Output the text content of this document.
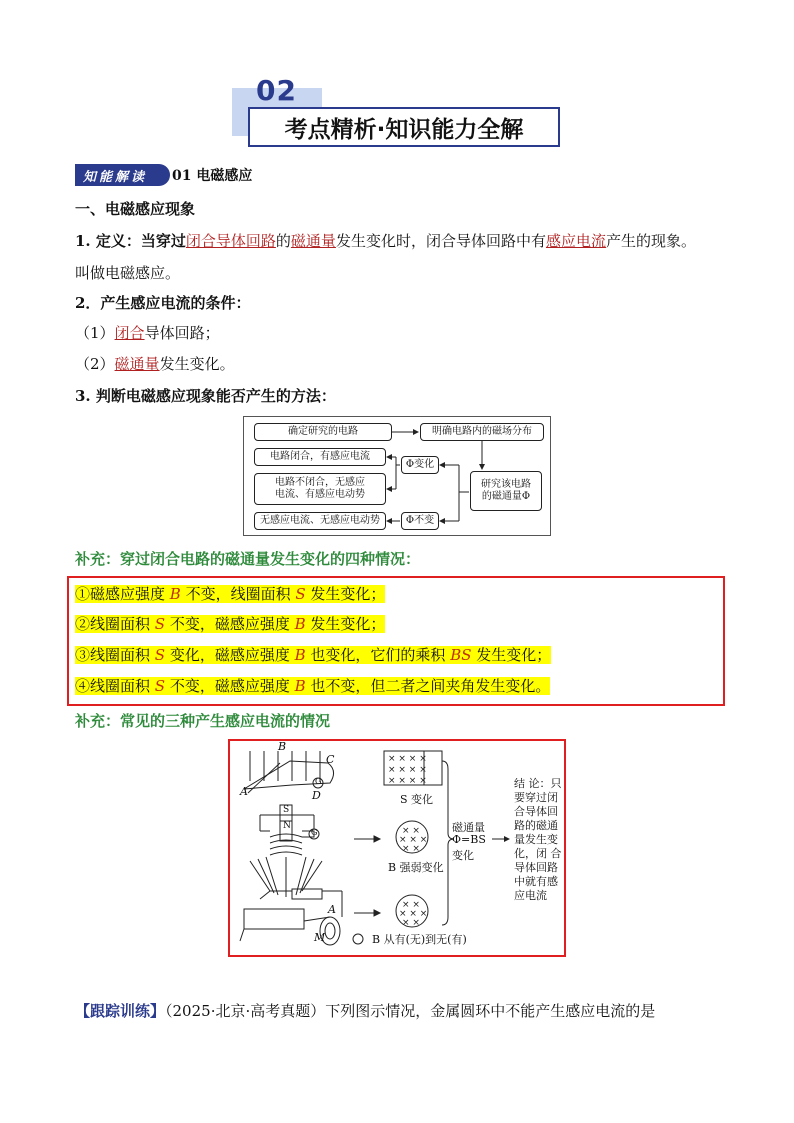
02
考点精析·知识能力全解
知能解读	01 电磁感应
一、电磁感应现象
1. 定义：当穿过闭合导体回路的磁通量发生变化时，闭合导体回路中有感应电流产生的现象。
叫做电磁感应。
2．产生感应电流的条件：
（1）闭合导体回路；
（2）磁通量发生变化。
3. 判断电磁感应现象能否产生的方法：
确定研究的电路	明确电路内的磁场分布
电路闭合，有感应电流
电路不闭合，无感应
电流、有感应电动势
Φ变化
研究该电路
的磁通量Φ
无感应电流、无感应电动势	Φ不变
补充：穿过闭合电路的磁通量发生变化的四种情况：
①磁感应强度 B 不变，线圈面积 S 发生变化；
②线圈面积 S 不变，磁感应强度 B 发生变化；
③线圈面积 S 变化，磁感应强度 B 也变化，它们的乘积 BS 发生变化；
④线圈面积 S 不变，磁感应强度 B 也不变，但二者之间夹角发生变化。
补充：常见的三种产生感应电流的情况
× × × ×
× × × ×
× × × ×
× ×
× × ×
× ×
× ×
× × ×
× ×
B
A
C
D
G
S
N
G
A
M
S 变化
B 强弱变化
B 从有(无)到无(有)
磁通量
Φ=BS
变化
结 论：只
要穿过闭
合导体回
路的磁通
量发生变
化，闭 合
导体回路
中就有感
应电流
【跟踪训练】（2025·北京·高考真题）下列图示情况，金属圆环中不能产生感应电流的是
